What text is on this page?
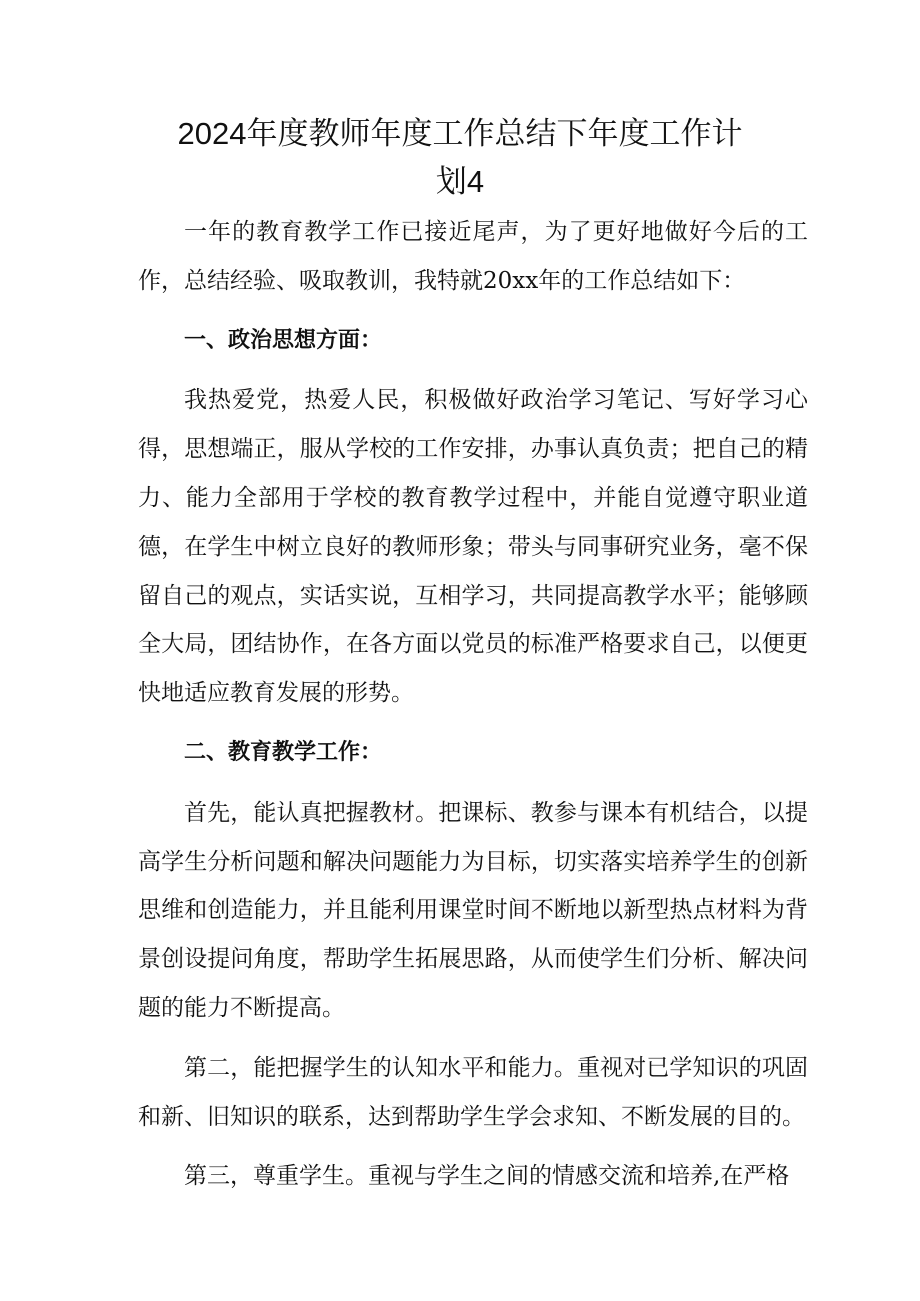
2024年度教师年度工作总结下年度工作计
划4

一年的教育教学工作已接近尾声，为了更好地做好今后的工作，总结经验、吸取教训，我特就20xx年的工作总结如下：

一、政治思想方面：

我热爱党，热爱人民，积极做好政治学习笔记、写好学习心得，思想端正，服从学校的工作安排，办事认真负责；把自己的精力、能力全部用于学校的教育教学过程中，并能自觉遵守职业道德，在学生中树立良好的教师形象；带头与同事研究业务，毫不保留自己的观点，实话实说，互相学习，共同提高教学水平；能够顾全大局，团结协作，在各方面以党员的标准严格要求自己，以便更快地适应教育发展的形势。

二、教育教学工作：

首先，能认真把握教材。把课标、教参与课本有机结合，以提高学生分析问题和解决问题能力为目标，切实落实培养学生的创新思维和创造能力，并且能利用课堂时间不断地以新型热点材料为背景创设提问角度，帮助学生拓展思路，从而使学生们分析、解决问题的能力不断提高。

第二，能把握学生的认知水平和能力。重视对已学知识的巩固和新、旧知识的联系，达到帮助学生学会求知、不断发展的目的。

第三，尊重学生。重视与学生之间的情感交流和培养,在严格
